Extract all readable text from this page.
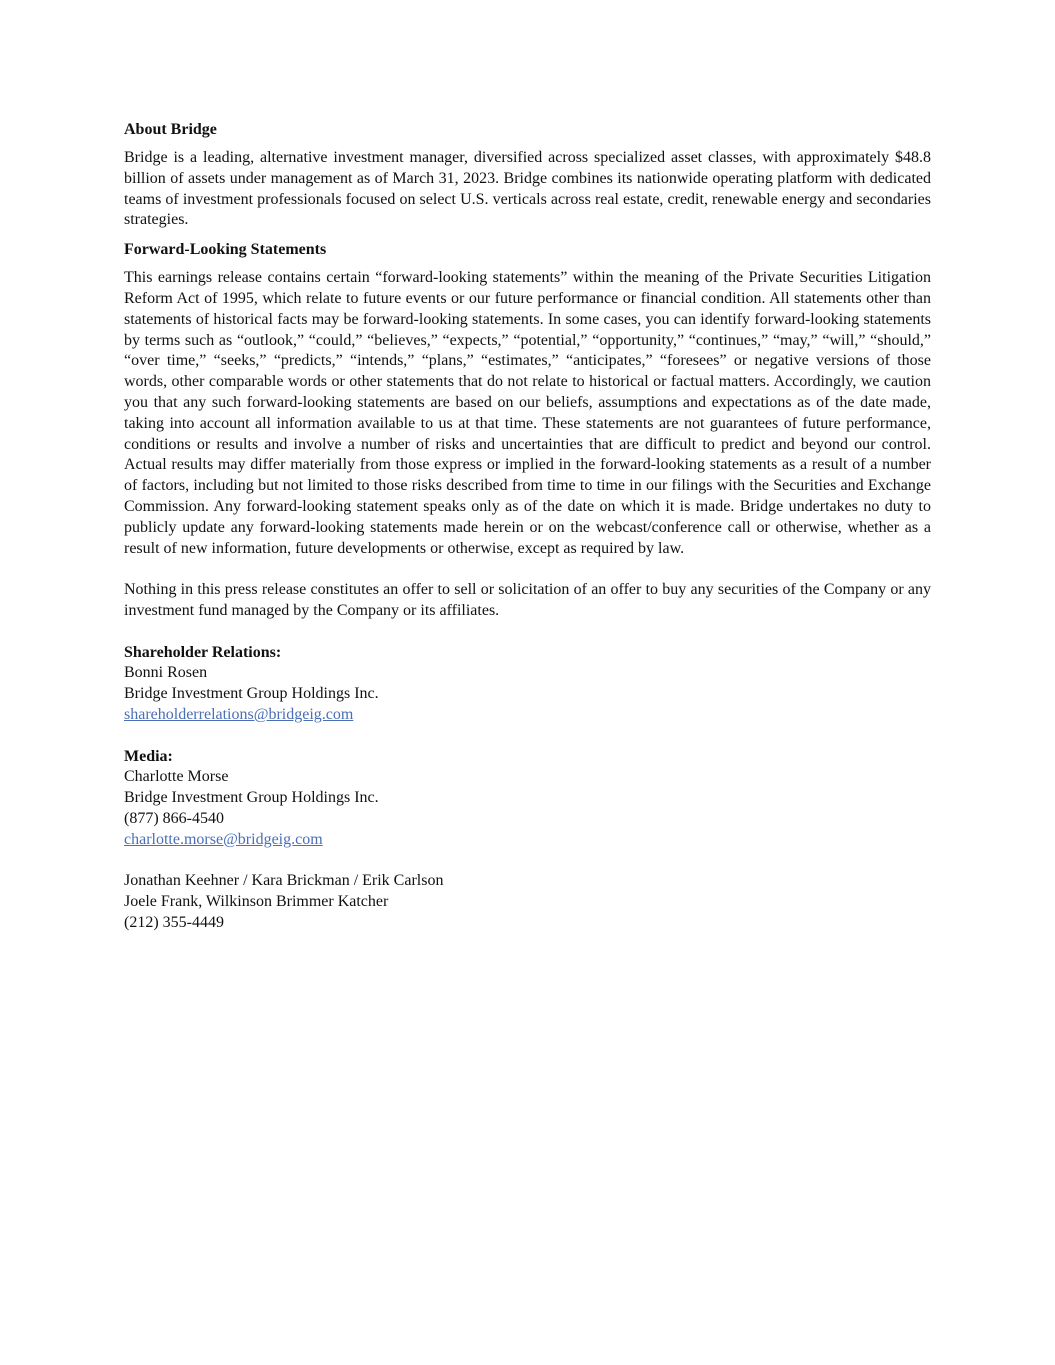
About Bridge

Bridge is a leading, alternative investment manager, diversified across specialized asset classes, with approximately $48.8 billion of assets under management as of March 31, 2023. Bridge combines its nationwide operating platform with dedicated teams of investment professionals focused on select U.S. verticals across real estate, credit, renewable energy and secondaries strategies.

Forward-Looking Statements

This earnings release contains certain “forward-looking statements” within the meaning of the Private Securities Litigation Reform Act of 1995, which relate to future events or our future performance or financial condition. All statements other than statements of historical facts may be forward-looking statements. In some cases, you can identify forward-looking statements by terms such as “outlook,” “could,” “believes,” “expects,” “potential,” “opportunity,” “continues,” “may,” “will,” “should,” “over time,” “seeks,” “predicts,” “intends,” “plans,” “estimates,” “anticipates,” “foresees” or negative versions of those words, other comparable words or other statements that do not relate to historical or factual matters. Accordingly, we caution you that any such forward-looking statements are based on our beliefs, assumptions and expectations as of the date made, taking into account all information available to us at that time. These statements are not guarantees of future performance, conditions or results and involve a number of risks and uncertainties that are difficult to predict and beyond our control. Actual results may differ materially from those express or implied in the forward-looking statements as a result of a number of factors, including but not limited to those risks described from time to time in our filings with the Securities and Exchange Commission. Any forward-looking statement speaks only as of the date on which it is made. Bridge undertakes no duty to publicly update any forward-looking statements made herein or on the webcast/conference call or otherwise, whether as a result of new information, future developments or otherwise, except as required by law.

Nothing in this press release constitutes an offer to sell or solicitation of an offer to buy any securities of the Company or any investment fund managed by the Company or its affiliates.

Shareholder Relations:
Bonni Rosen
Bridge Investment Group Holdings Inc.
shareholderrelations@bridgeig.com
Media:
Charlotte Morse
Bridge Investment Group Holdings Inc.
(877) 866-4540
charlotte.morse@bridgeig.com
Jonathan Keehner / Kara Brickman / Erik Carlson
Joele Frank, Wilkinson Brimmer Katcher
(212) 355-4449
